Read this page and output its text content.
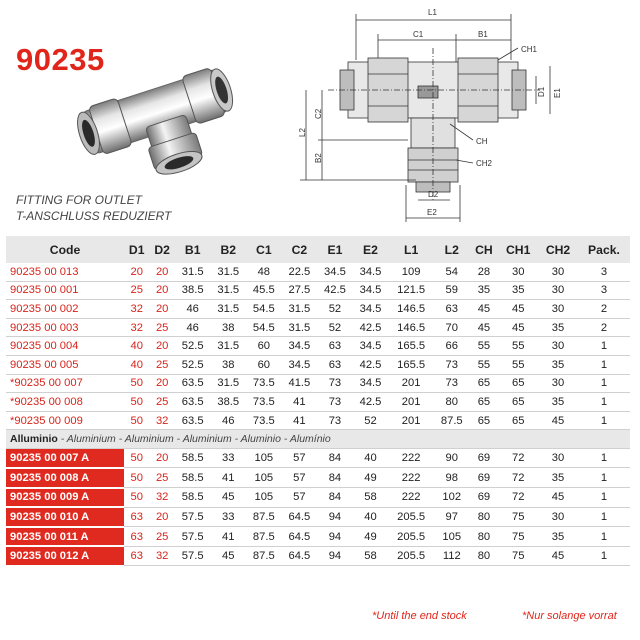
90235
FITTING FOR OUTLET
T-ANSCHLUSS REDUZIERT
L1
C1	B1
CH1
D1 E1
C2
L2
B2
CH
CH2
D2
E2
Code	D1	D2	B1	B2	C1	C2	E1	E2	L1	L2	CH	CH1	CH2	Pack.
90235 00 013	20	20	31.5	31.5	48	22.5	34.5	34.5	109	54	28	30	30	3
90235 00 001	25	20	38.5	31.5	45.5	27.5	42.5	34.5	121.5	59	35	35	30	3
90235 00 002	32	20	46	31.5	54.5	31.5	52	34.5	146.5	63	45	45	30	2
90235 00 003	32	25	46	38	54.5	31.5	52	42.5	146.5	70	45	45	35	2
90235 00 004	40	20	52.5	31.5	60	34.5	63	34.5	165.5	66	55	55	30	1
90235 00 005	40	25	52.5	38	60	34.5	63	42.5	165.5	73	55	55	35	1
*90235 00 007	50	20	63.5	31.5	73.5	41.5	73	34.5	201	73	65	65	30	1
*90235 00 008	50	25	63.5	38.5	73.5	41	73	42.5	201	80	65	65	35	1
*90235 00 009	50	32	63.5	46	73.5	41	73	52	201	87.5	65	65	45	1
Alluminio - Aluminium - Aluminium - Aluminium - Aluminio - Alumínio														
90235 00 007 A	50	20	58.5	33	105	57	84	40	222	90	69	72	30	1
90235 00 008 A	50	25	58.5	41	105	57	84	49	222	98	69	72	35	1
90235 00 009 A	50	32	58.5	45	105	57	84	58	222	102	69	72	45	1
90235 00 010 A	63	20	57.5	33	87.5	64.5	94	40	205.5	97	80	75	30	1
90235 00 011 A	63	25	57.5	41	87.5	64.5	94	49	205.5	105	80	75	35	1
90235 00 012 A	63	32	57.5	45	87.5	64.5	94	58	205.5	112	80	75	45	1
*Until the end stock	*Nur solange vorrat
